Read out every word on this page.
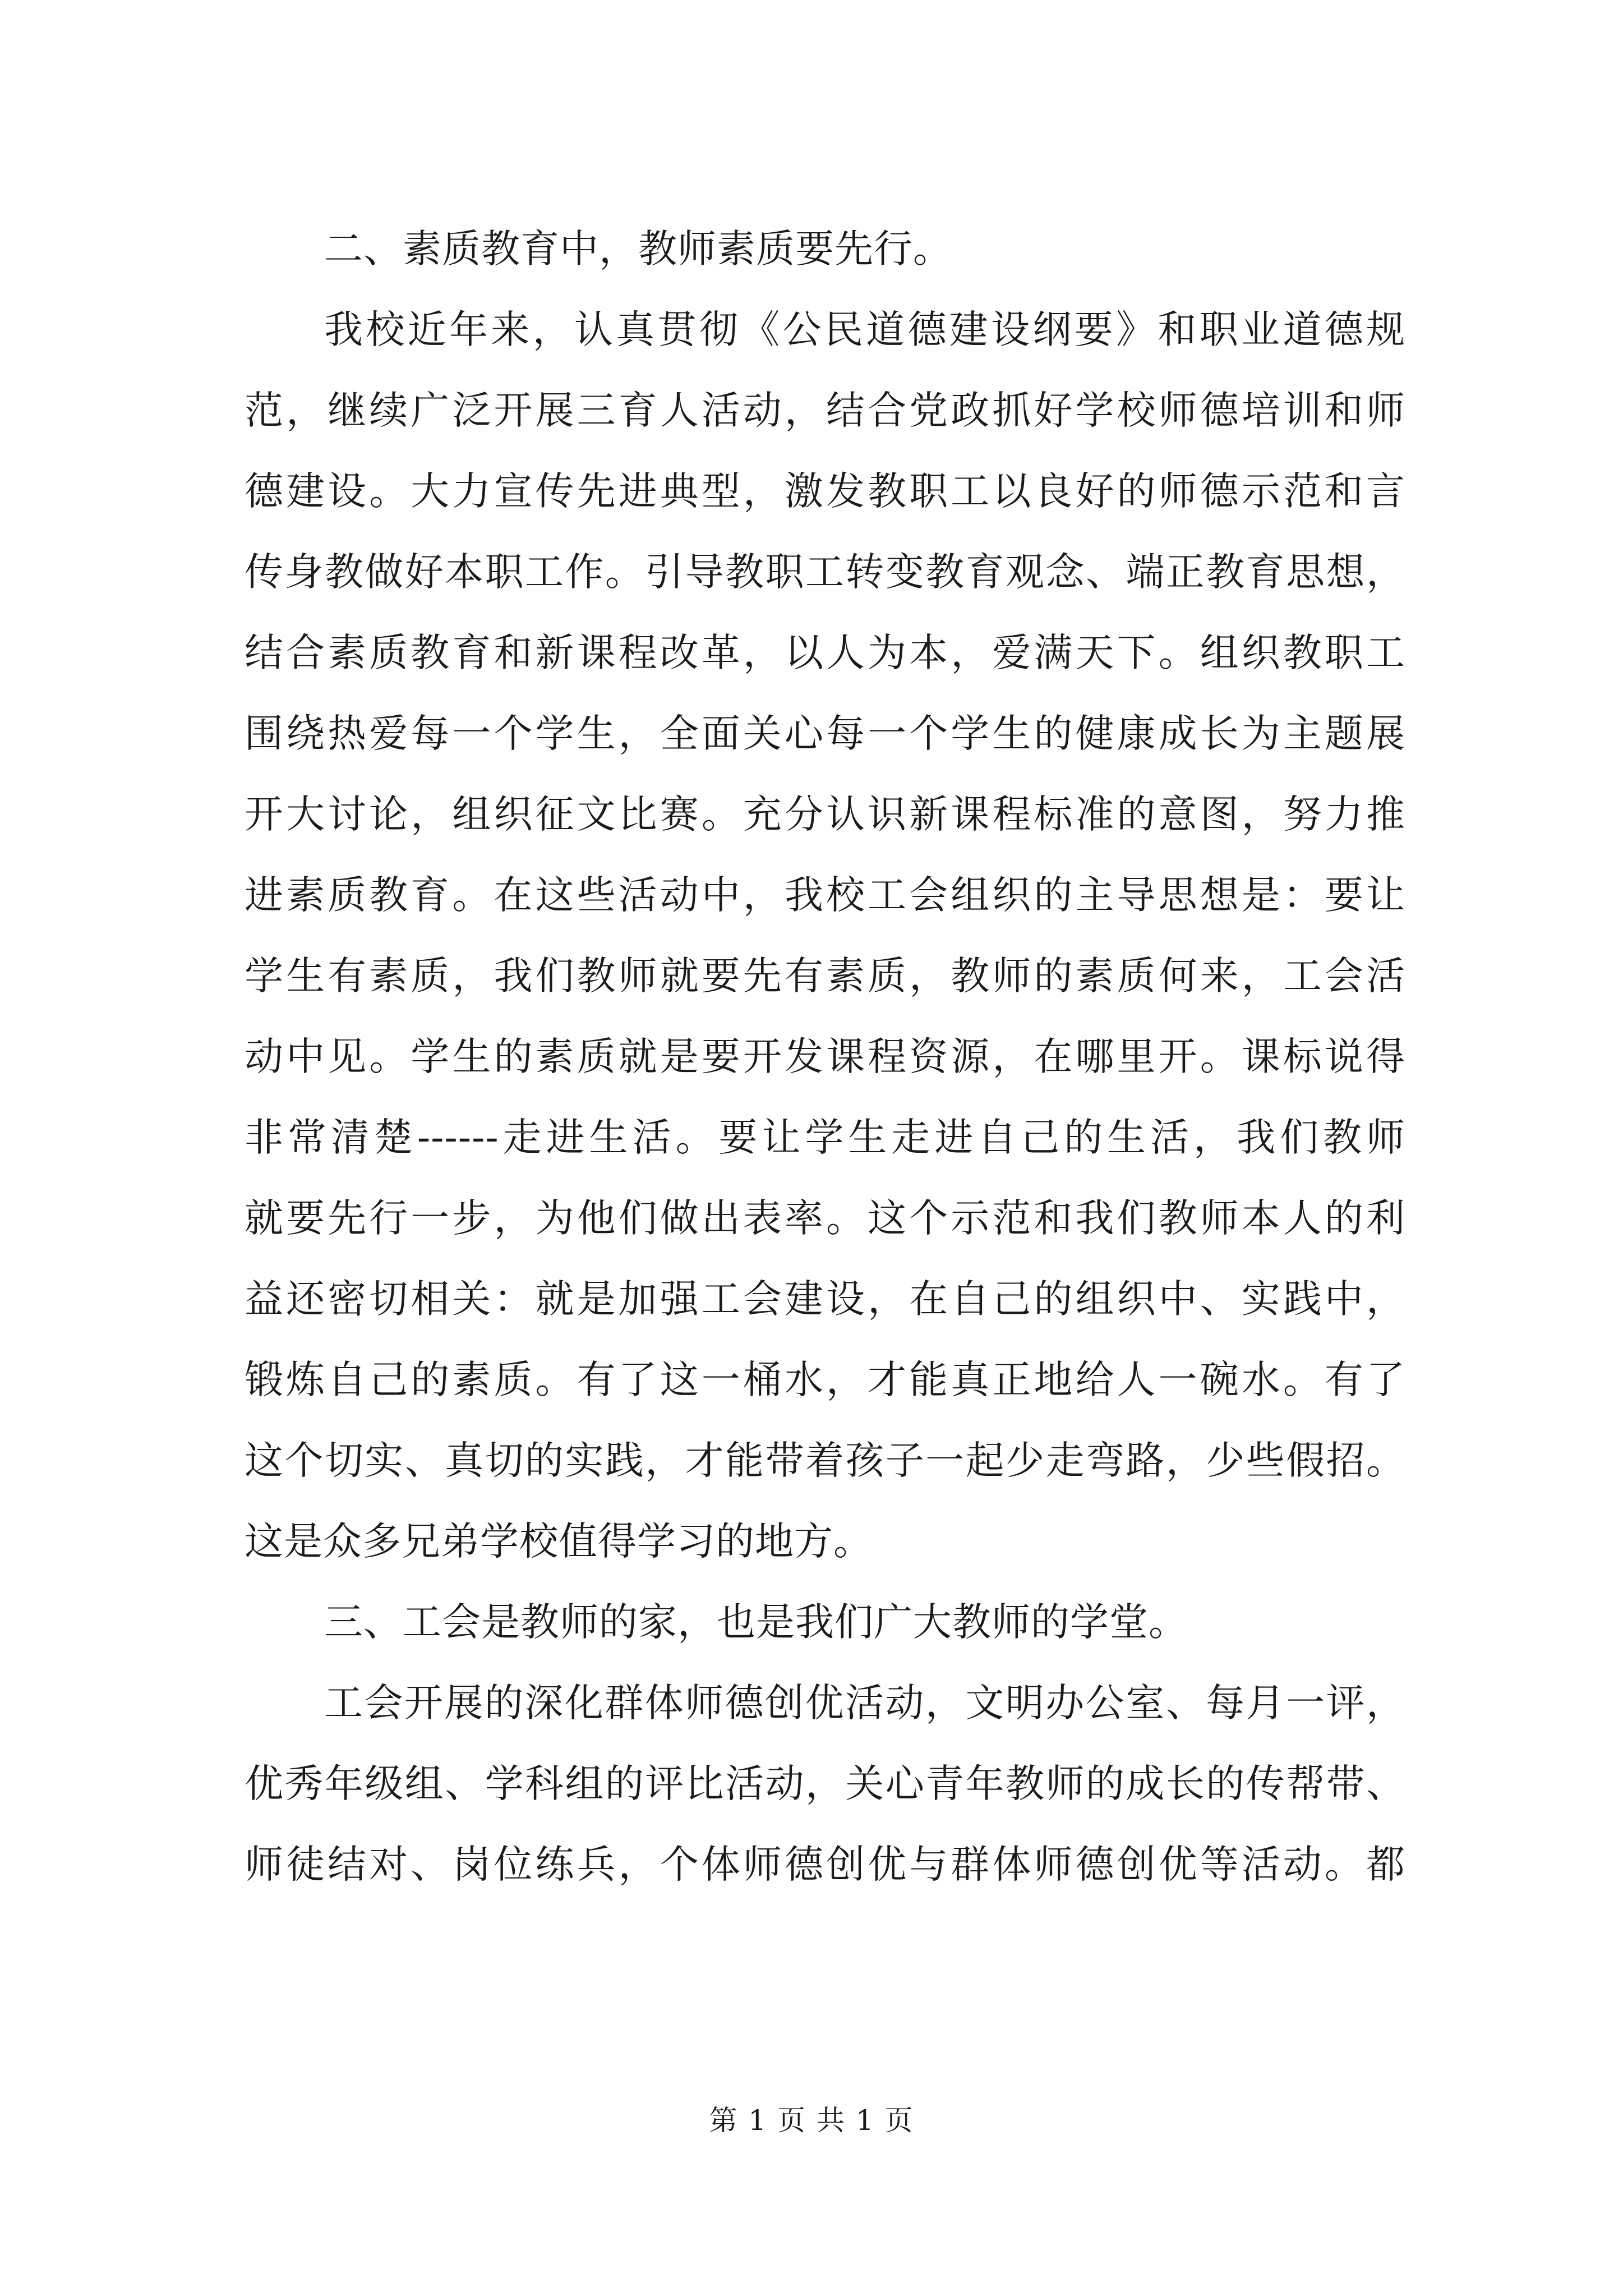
二、素质教育中，教师素质要先行。
我校近年来，认真贯彻《公民道德建设纲要》和职业道德规
范，继续广泛开展三育人活动，结合党政抓好学校师德培训和师
德建设。大力宣传先进典型，激发教职工以良好的师德示范和言
传身教做好本职工作。引导教职工转变教育观念、端正教育思想，
结合素质教育和新课程改革，以人为本，爱满天下。组织教职工
围绕热爱每一个学生，全面关心每一个学生的健康成长为主题展
开大讨论，组织征文比赛。充分认识新课程标准的意图，努力推
进素质教育。在这些活动中，我校工会组织的主导思想是：要让
学生有素质，我们教师就要先有素质，教师的素质何来，工会活
动中见。学生的素质就是要开发课程资源，在哪里开。课标说得
非常清楚------走进生活。要让学生走进自己的生活，我们教师
就要先行一步，为他们做出表率。这个示范和我们教师本人的利
益还密切相关：就是加强工会建设，在自己的组织中、实践中，
锻炼自己的素质。有了这一桶水，才能真正地给人一碗水。有了
这个切实、真切的实践，才能带着孩子一起少走弯路，少些假招。
这是众多兄弟学校值得学习的地方。
三、工会是教师的家，也是我们广大教师的学堂。
工会开展的深化群体师德创优活动，文明办公室、每月一评，
优秀年级组、学科组的评比活动，关心青年教师的成长的传帮带、
师徒结对、岗位练兵，个体师德创优与群体师德创优等活动。都
第 1 页 共 1 页
